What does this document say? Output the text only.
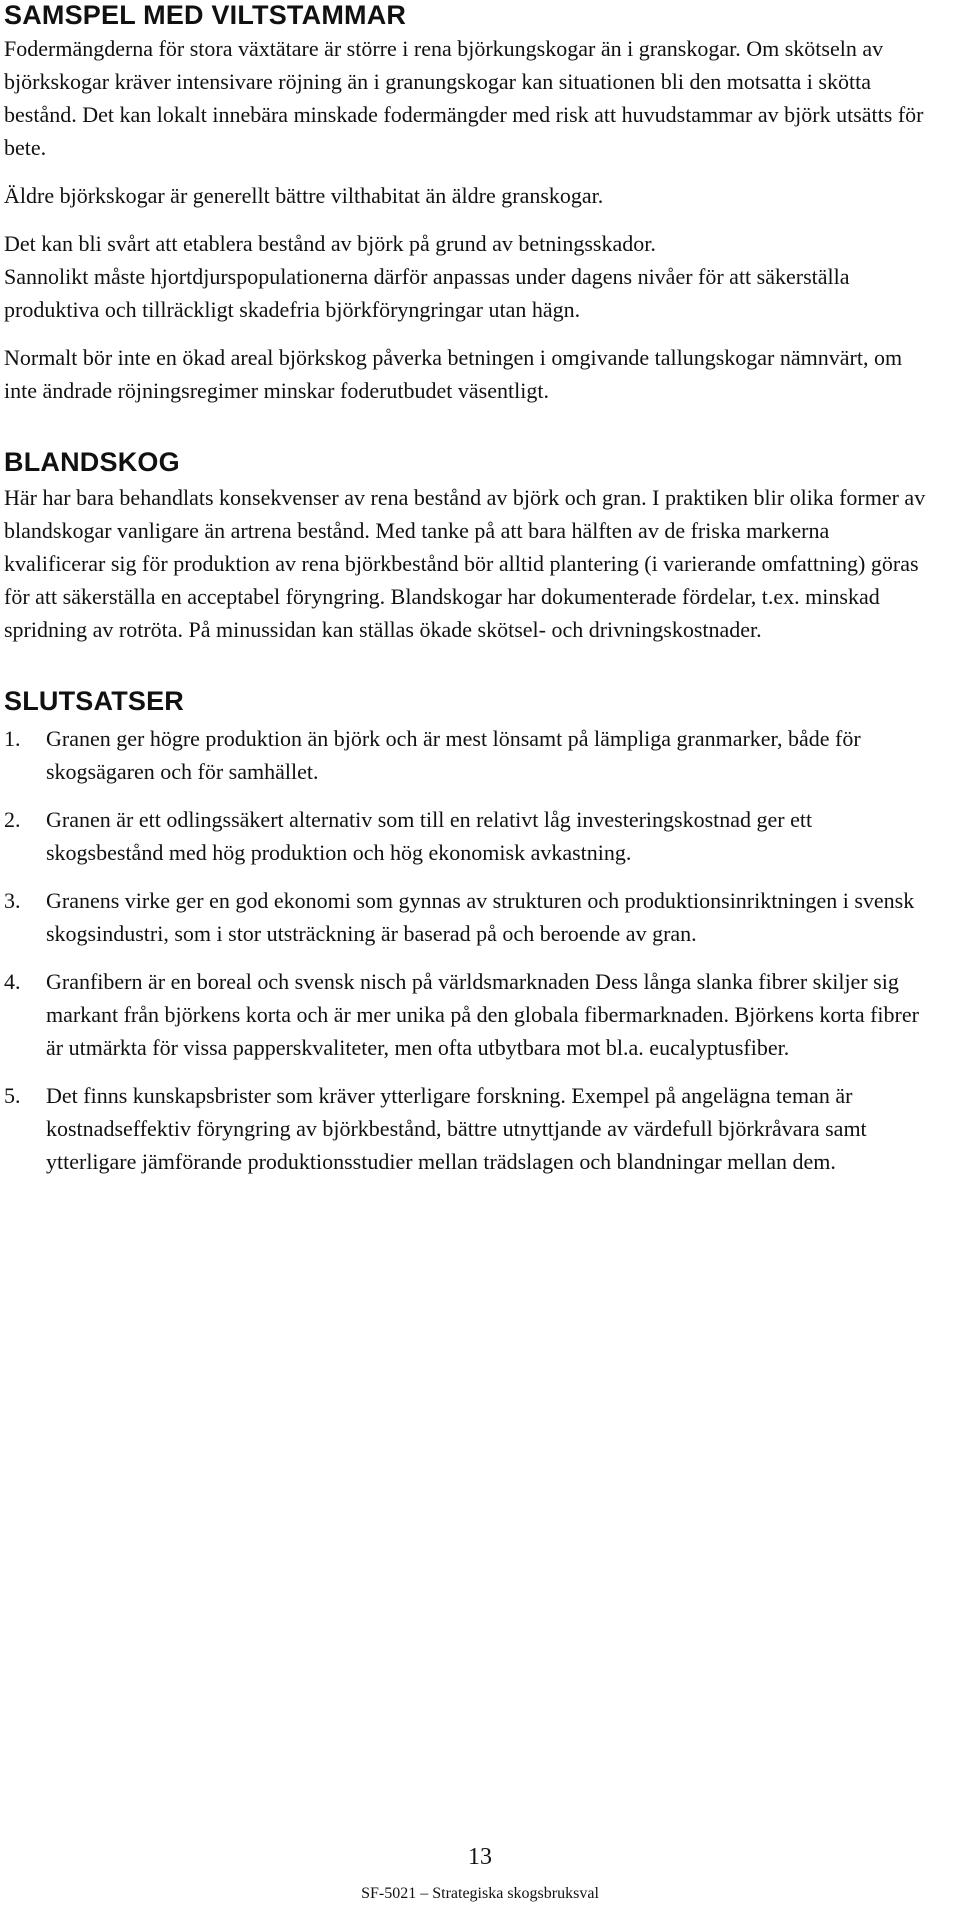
SAMSPEL MED VILTSTAMMAR

Fodermängderna för stora växtätare är större i rena björkungskogar än i granskogar. Om skötseln av björkskogar kräver intensivare röjning än i granungskogar kan situationen bli den motsatta i skötta bestånd. Det kan lokalt innebära minskade fodermängder med risk att huvudstammar av björk utsätts för bete.

Äldre björkskogar är generellt bättre vilthabitat än äldre granskogar.

Det kan bli svårt att etablera bestånd av björk på grund av betningsskador.

Sannolikt måste hjortdjurspopulationerna därför anpassas under dagens nivåer för att säkerställa produktiva och tillräckligt skadefria björkföryngringar utan hägn.

Normalt bör inte en ökad areal björkskog påverka betningen i omgivande tallungskogar nämnvärt, om inte ändrade röjningsregimer minskar foderutbudet väsentligt.

BLANDSKOG

Här har bara behandlats konsekvenser av rena bestånd av björk och gran. I praktiken blir olika former av blandskogar vanligare än artrena bestånd. Med tanke på att bara hälften av de friska markerna kvalificerar sig för produktion av rena björkbestånd bör alltid plantering (i varierande omfattning) göras för att säkerställa en acceptabel föryngring. Blandskogar har dokumenterade fördelar, t.ex. minskad spridning av rotröta. På minussidan kan ställas ökade skötsel- och drivningskostnader.

SLUTSATSER
1. Granen ger högre produktion än björk och är mest lönsamt på lämpliga granmarker, både för skogsägaren och för samhället.
2. Granen är ett odlingssäkert alternativ som till en relativt låg investeringskostnad ger ett skogsbestånd med hög produktion och hög ekonomisk avkastning.
3. Granens virke ger en god ekonomi som gynnas av strukturen och produktionsinriktningen i svensk skogsindustri, som i stor utsträckning är baserad på och beroende av gran.
4. Granfibern är en boreal och svensk nisch på världsmarknaden Dess långa slanka fibrer skiljer sig markant från björkens korta och är mer unika på den globala fibermarknaden. Björkens korta fibrer är utmärkta för vissa papperskvaliteter, men ofta utbytbara mot bl.a. eucalyptusfiber.
5. Det finns kunskapsbrister som kräver ytterligare forskning. Exempel på angelägna teman är kostnadseffektiv föryngring av björkbestånd, bättre utnyttjande av värdefull björkråvara samt ytterligare jämförande produktionsstudier mellan trädslagen och blandningar mellan dem.
13
SF-5021 – Strategiska skogsbruksval
